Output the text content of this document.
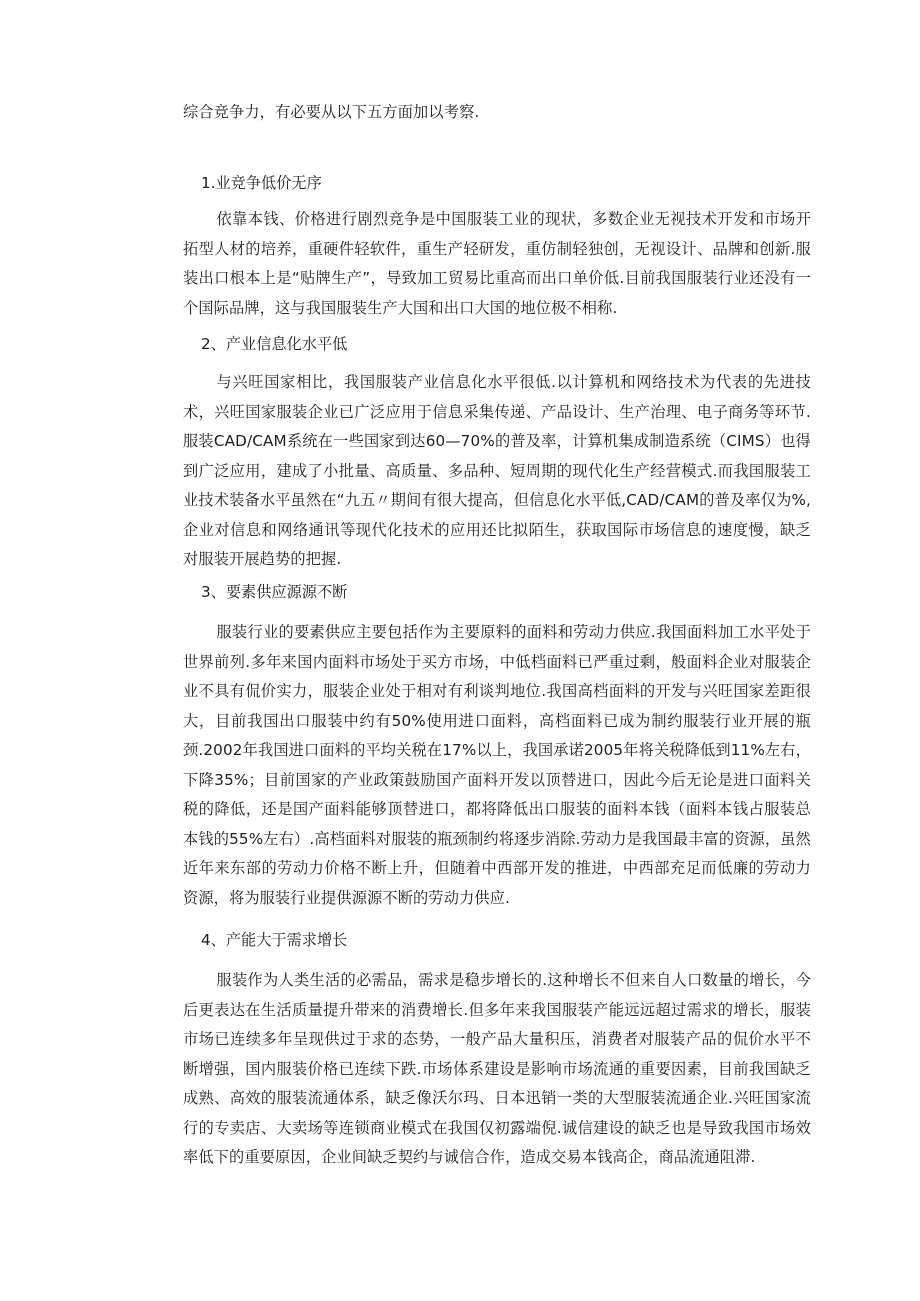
综合竞争力，有必要从以下五方面加以考察.
1.业竞争低价无序
依靠本钱、价格进行剧烈竞争是中国服装工业的现状，多数企业无视技术开发和市场开拓型人材的培养，重硬件轻软件，重生产轻研发，重仿制轻独创，无视设计、品牌和创新.服装出口根本上是“贴牌生产”，导致加工贸易比重高而出口单价低.目前我国服装行业还没有一个国际品牌，这与我国服装生产大国和出口大国的地位极不相称.
2、产业信息化水平低
与兴旺国家相比，我国服装产业信息化水平很低.以计算机和网络技术为代表的先进技术，兴旺国家服装企业已广泛应用于信息采集传递、产品设计、生产治理、电子商务等环节.服装CAD/CAM系统在一些国家到达60—70%的普及率，计算机集成制造系统（CIMS）也得到广泛应用，建成了小批量、高质量、多品种、短周期的现代化生产经营模式.而我国服装工业技术装备水平虽然在“九五〃期间有很大提高，但信息化水平低,CAD/CAM的普及率仅为%,企业对信息和网络通讯等现代化技术的应用还比拟陌生，获取国际市场信息的速度慢，缺乏对服装开展趋势的把握.
3、要素供应源源不断
服装行业的要素供应主要包括作为主要原料的面料和劳动力供应.我国面料加工水平处于世界前列.多年来国内面料市场处于买方市场，中低档面料已严重过剩，般面料企业对服装企业不具有侃价实力，服装企业处于相对有利谈判地位.我国高档面料的开发与兴旺国家差距很大，目前我国出口服装中约有50%使用进口面料，高档面料已成为制约服装行业开展的瓶颈.2002年我国进口面料的平均关税在17%以上，我国承诺2005年将关税降低到11%左右，下降35%；目前国家的产业政策鼓励国产面料开发以顶替进口，因此今后无论是进口面料关税的降低，还是国产面料能够顶替进口，都将降低出口服装的面料本钱（面料本钱占服装总本钱的55%左右）.高档面料对服装的瓶颈制约将逐步消除.劳动力是我国最丰富的资源，虽然近年来东部的劳动力价格不断上升，但随着中西部开发的推进，中西部充足而低廉的劳动力资源，将为服装行业提供源源不断的劳动力供应.
4、产能大于需求增长
服装作为人类生活的必需品，需求是稳步增长的.这种增长不但来自人口数量的增长，今后更表达在生活质量提升带来的消费增长.但多年来我国服装产能远远超过需求的增长，服装市场已连续多年呈现供过于求的态势，一般产品大量积压，消费者对服装产品的侃价水平不断增强，国内服装价格已连续下跌.市场体系建设是影响市场流通的重要因素，目前我国缺乏成熟、高效的服装流通体系，缺乏像沃尔玛、日本迅销一类的大型服装流通企业.兴旺国家流行的专卖店、大卖场等连锁商业模式在我国仅初露端倪.诚信建设的缺乏也是导致我国市场效率低下的重要原因，企业间缺乏契约与诚信合作，造成交易本钱高企，商品流通阻滞.
